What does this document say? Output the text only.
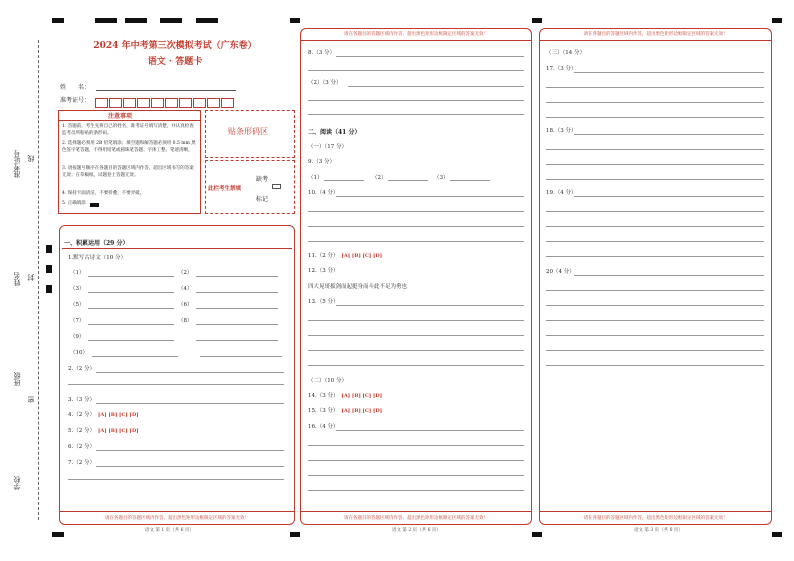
准考证号 线
姓名 封
班级
密
学校
2024 年中考第三次模拟考试（广东卷）
语文 · 答题卡
姓　　名：
准考证号：
注意事项
1. 答题前，考生先将自己的姓名，准考证号填写清楚，并认真检查监考员所粘贴的条形码。
2. 选择题必须用 2B 铅笔填涂；填空题和解答题必须用 0.5 mm 黑色签字笔答题，不得用铅笔或圆珠笔答题；字体工整、笔迹清晰。
3. 请按题号顺序在各题目的答题区域内作答，超出区域书写的答案无效；在草稿纸、试题卷上答题无效。
4. 保持卡面清洁，不要折叠、不要弄破。
5. 正确填涂
贴条形码区
此栏考生禁填
缺考
标记
一、积累运用（29 分）
1.默写古诗文（10 分）
（1）	（2）
（3）	（4）
（5）	（6）
（7）	（8）
（9）
（10）
2.（2 分）
3.（3 分）
4.（2 分） [A] [B] [C] [D]
5.（2 分） [A] [B] [C] [D]
6.（2 分）
7.（2 分）
请在各题目的答题区域内作答，超出黑色矩形边框限定区域的答案无效！
语文 第 1 页（共 6 页）
请在各题目的答题区域内作答，超出黑色矩形边框限定区域的答案无效！
8.（3 分）
（2）（3 分）
二、阅读（41 分）
（一）（17 分）
9.（3 分）
（1）	（2）	（3）
10.（4 分）
11.（2 分） [A] [B] [C] [D]
12.（3 分）
四大晃哥拔剑而起挺身而斗此不足为勇也
13.（5 分）
（二）（10 分）
14.（3 分） [A] [B] [C] [D]
15.（3 分） [A] [B] [C] [D]
16.（4 分）
请在各题目的答题区域内作答，超出黑色矩形边框限定区域的答案无效！
语文 第 2 页（共 6 页）
请在各题目的答题区域内作答，超出黑色矩形边框限定区域的答案无效！
（三）（14 分）
17.（3 分）
18.（3 分）
19.（4 分）
20（4 分）
请在各题目的答题区域内作答，超出黑色矩形边框限定区域的答案无效！
语文 第 3 页（共 6 页）
